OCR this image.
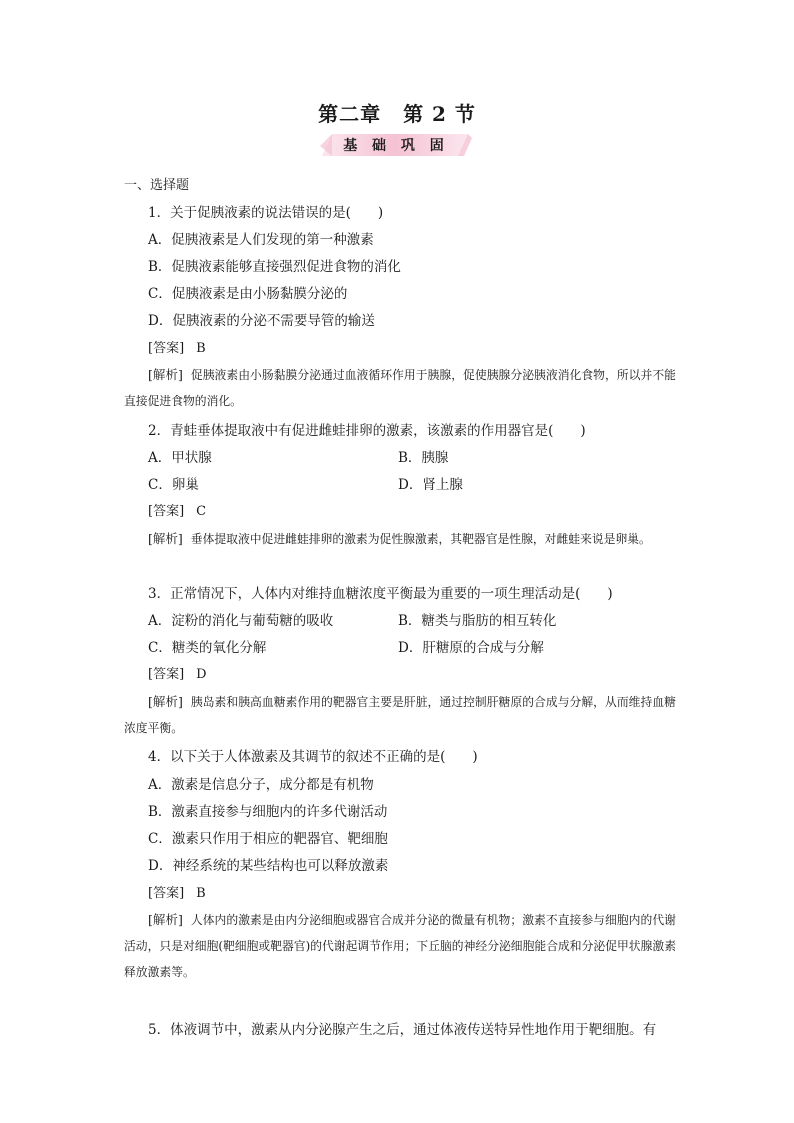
第二章 第 2 节
基 础 巩 固
一、选择题
1．关于促胰液素的说法错误的是(　　)
A．促胰液素是人们发现的第一种激素
B．促胰液素能够直接强烈促进食物的消化
C．促胰液素是由小肠黏膜分泌的
D．促胰液素的分泌不需要导管的输送
[答案] B
[解析] 促胰液素由小肠黏膜分泌通过血液循环作用于胰腺，促使胰腺分泌胰液消化食物，所以并不能直接促进食物的消化。
2．青蛙垂体提取液中有促进雌蛙排卵的激素，该激素的作用器官是(　　)
A．甲状腺	B．胰腺
C．卵巢	D．肾上腺
[答案] C
[解析] 垂体提取液中促进雌蛙排卵的激素为促性腺激素，其靶器官是性腺，对雌蛙来说是卵巢。
3．正常情况下，人体内对维持血糖浓度平衡最为重要的一项生理活动是(　　)
A．淀粉的消化与葡萄糖的吸收	B．糖类与脂肪的相互转化
C．糖类的氧化分解	D．肝糖原的合成与分解
[答案] D
[解析] 胰岛素和胰高血糖素作用的靶器官主要是肝脏，通过控制肝糖原的合成与分解，从而维持血糖浓度平衡。
4．以下关于人体激素及其调节的叙述不正确的是(　　)
A．激素是信息分子，成分都是有机物
B．激素直接参与细胞内的许多代谢活动
C．激素只作用于相应的靶器官、靶细胞
D．神经系统的某些结构也可以释放激素
[答案] B
[解析] 人体内的激素是由内分泌细胞或器官合成并分泌的微量有机物；激素不直接参与细胞内的代谢活动，只是对细胞(靶细胞或靶器官)的代谢起调节作用；下丘脑的神经分泌细胞能合成和分泌促甲状腺激素释放激素等。
5．体液调节中，激素从内分泌腺产生之后，通过体液传送特异性地作用于靶细胞。有
